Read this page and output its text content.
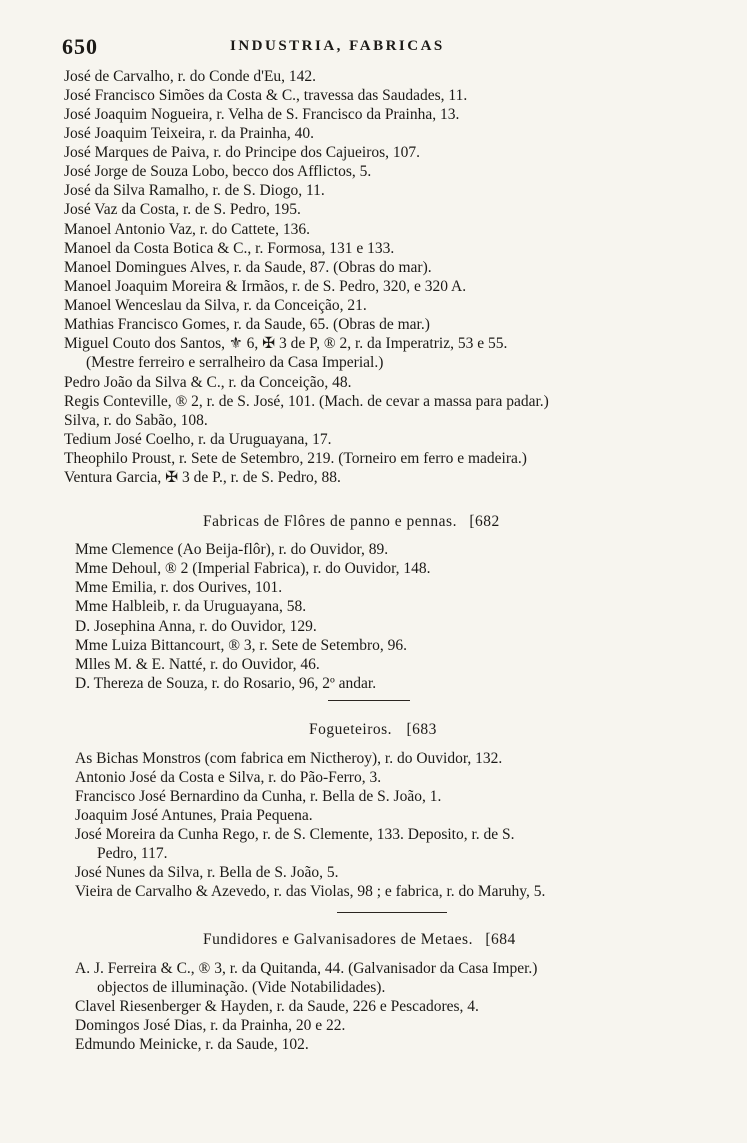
650	INDUSTRIA, FABRICAS
José de Carvalho, r. do Conde d'Eu, 142.
José Francisco Simões da Costa & C., travessa das Saudades, 11.
José Joaquim Nogueira, r. Velha de S. Francisco da Prainha, 13.
José Joaquim Teixeira, r. da Prainha, 40.
José Marques de Paiva, r. do Principe dos Cajueiros, 107.
José Jorge de Souza Lobo, becco dos Afflictos, 5.
José da Silva Ramalho, r. de S. Diogo, 11.
José Vaz da Costa, r. de S. Pedro, 195.
Manoel Antonio Vaz, r. do Cattete, 136.
Manoel da Costa Botica & C., r. Formosa, 131 e 133.
Manoel Domingues Alves, r. da Saude, 87. (Obras do mar).
Manoel Joaquim Moreira & Irmãos, r. de S. Pedro, 320, e 320 A.
Manoel Wenceslau da Silva, r. da Conceição, 21.
Mathias Francisco Gomes, r. da Saude, 65. (Obras de mar.)
Miguel Couto dos Santos, ⚜ 6, ✠ 3 de P, ® 2, r. da Imperatriz, 53 e 55.
(Mestre ferreiro e serralheiro da Casa Imperial.)
Pedro João da Silva & C., r. da Conceição, 48.
Regis Conteville, ® 2, r. de S. José, 101. (Mach. de cevar a massa para padar.)
Silva, r. do Sabão, 108.
Tedium José Coelho, r. da Uruguayana, 17.
Theophilo Proust, r. Sete de Setembro, 219. (Torneiro em ferro e madeira.)
Ventura Garcia, ✠ 3 de P., r. de S. Pedro, 88.
Fabricas de Flôres de panno e pennas. [682
Mme Clemence (Ao Beija-flôr), r. do Ouvidor, 89.
Mme Dehoul, ® 2 (Imperial Fabrica), r. do Ouvidor, 148.
Mme Emilia, r. dos Ourives, 101.
Mme Halbleib, r. da Uruguayana, 58.
D. Josephina Anna, r. do Ouvidor, 129.
Mme Luiza Bittancourt, ® 3, r. Sete de Setembro, 96.
Mlles M. & E. Natté, r. do Ouvidor, 46.
D. Thereza de Souza, r. do Rosario, 96, 2º andar.
Fogueteiros. [683
As Bichas Monstros (com fabrica em Nictheroy), r. do Ouvidor, 132.
Antonio José da Costa e Silva, r. do Pão-Ferro, 3.
Francisco José Bernardino da Cunha, r. Bella de S. João, 1.
Joaquim José Antunes, Praia Pequena.
José Moreira da Cunha Rego, r. de S. Clemente, 133. Deposito, r. de S.
Pedro, 117.
José Nunes da Silva, r. Bella de S. João, 5.
Vieira de Carvalho & Azevedo, r. das Violas, 98 ; e fabrica, r. do Maruhy, 5.
Fundidores e Galvanisadores de Metaes. [684
A. J. Ferreira & C., ® 3, r. da Quitanda, 44. (Galvanisador da Casa Imper.)
objectos de illuminação. (Vide Notabilidades).
Clavel Riesenberger & Hayden, r. da Saude, 226 e Pescadores, 4.
Domingos José Dias, r. da Prainha, 20 e 22.
Edmundo Meinicke, r. da Saude, 102.
